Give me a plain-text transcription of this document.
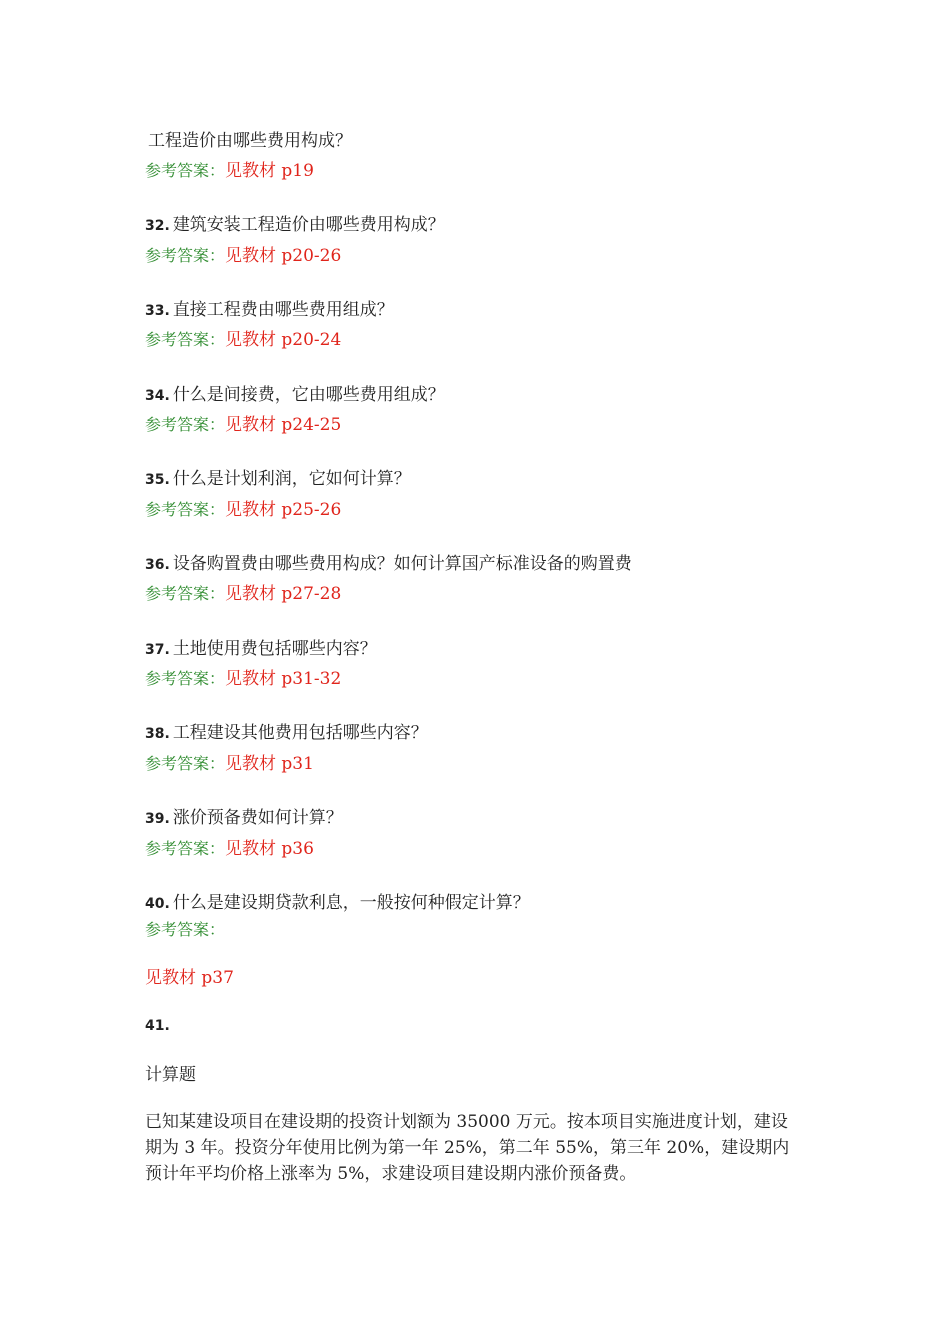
工程造价由哪些费用构成？
参考答案：见教材 p19
32. 建筑安装工程造价由哪些费用构成？
参考答案：见教材 p20-26
33. 直接工程费由哪些费用组成？
参考答案：见教材 p20-24
34. 什么是间接费，它由哪些费用组成？
参考答案：见教材 p24-25
35. 什么是计划利润，它如何计算？
参考答案：见教材 p25-26
36. 设备购置费由哪些费用构成？如何计算国产标准设备的购置费
参考答案：见教材 p27-28
37. 土地使用费包括哪些内容？
参考答案：见教材 p31-32
38. 工程建设其他费用包括哪些内容？
参考答案：见教材 p31
39. 涨价预备费如何计算？
参考答案：见教材 p36
40. 什么是建设期贷款利息，一般按何种假定计算？
参考答案：
见教材 p37
41.
计算题
已知某建设项目在建设期的投资计划额为 35000 万元。按本项目实施进度计划，建设期为 3 年。投资分年使用比例为第一年 25%，第二年 55%，第三年 20%，建设期内预计年平均价格上涨率为 5%，求建设项目建设期内涨价预备费。
